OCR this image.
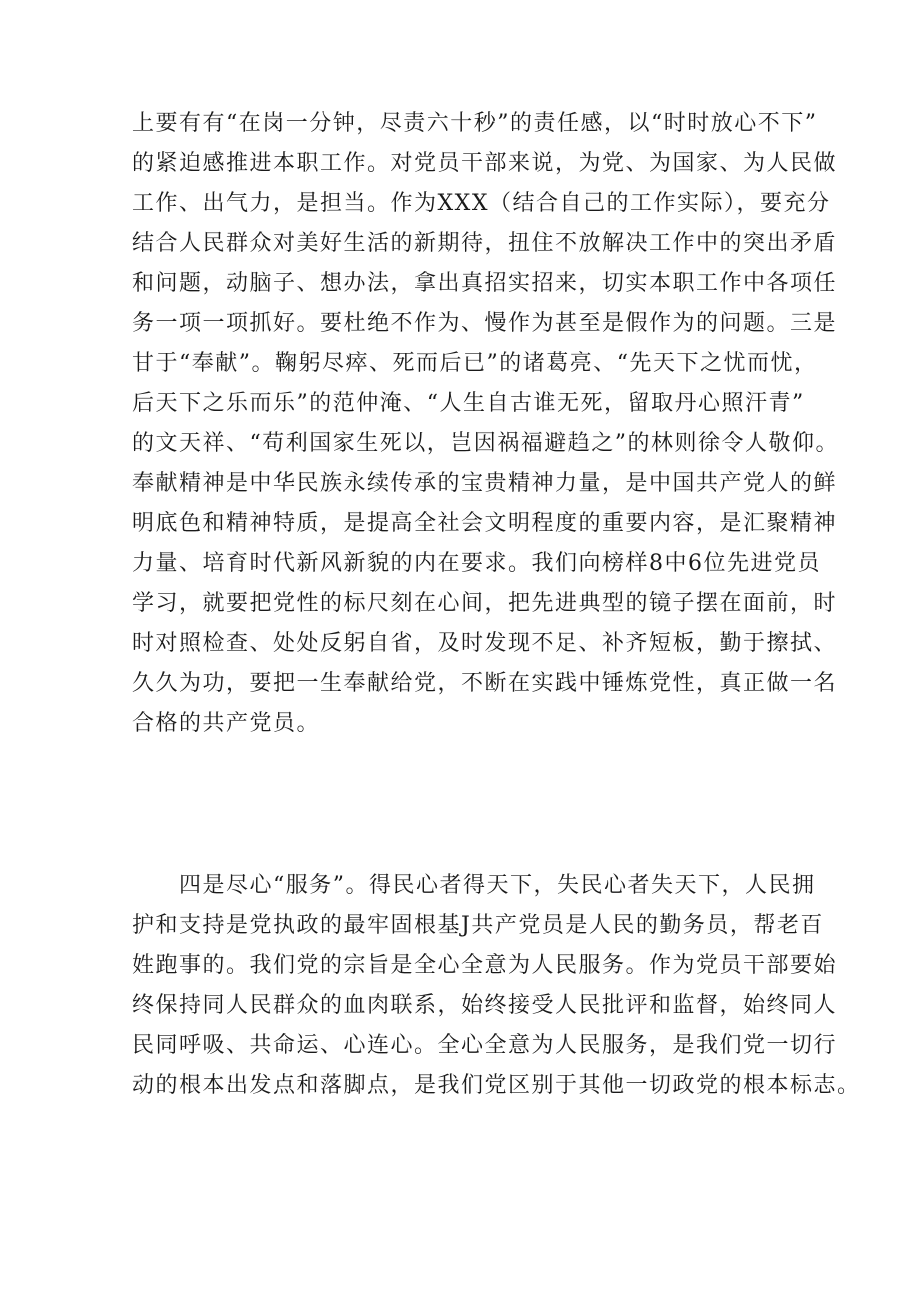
上要有有“在岗一分钟，尽责六十秒”的责任感，以“时时放心不下”
的紧迫感推进本职工作。对党员干部来说，为党、为国家、为人民做
工作、出气力，是担当。作为XXX（结合自己的工作实际），要充分
结合人民群众对美好生活的新期待，扭住不放解决工作中的突出矛盾
和问题，动脑子、想办法，拿出真招实招来，切实本职工作中各项任
务一项一项抓好。要杜绝不作为、慢作为甚至是假作为的问题。三是
甘于“奉献”。鞠躬尽瘁、死而后已”的诸葛亮、“先天下之忧而忧，
后天下之乐而乐”的范仲淹、“人生自古谁无死，留取丹心照汗青”
的文天祥、“苟利国家生死以，岂因祸福避趋之”的林则徐令人敬仰。
奉献精神是中华民族永续传承的宝贵精神力量，是中国共产党人的鲜
明底色和精神特质，是提高全社会文明程度的重要内容，是汇聚精神
力量、培育时代新风新貌的内在要求。我们向榜样8中6位先进党员
学习，就要把党性的标尺刻在心间，把先进典型的镜子摆在面前，时
时对照检查、处处反躬自省，及时发现不足、补齐短板，勤于擦拭、
久久为功，要把一生奉献给党，不断在实践中锤炼党性，真正做一名
合格的共产党员。
　　四是尽心“服务”。得民心者得天下，失民心者失天下，人民拥
护和支持是党执政的最牢固根基J共产党员是人民的勤务员，帮老百
姓跑事的。我们党的宗旨是全心全意为人民服务。作为党员干部要始
终保持同人民群众的血肉联系，始终接受人民批评和监督，始终同人
民同呼吸、共命运、心连心。全心全意为人民服务，是我们党一切行
动的根本出发点和落脚点，是我们党区别于其他一切政党的根本标志。
